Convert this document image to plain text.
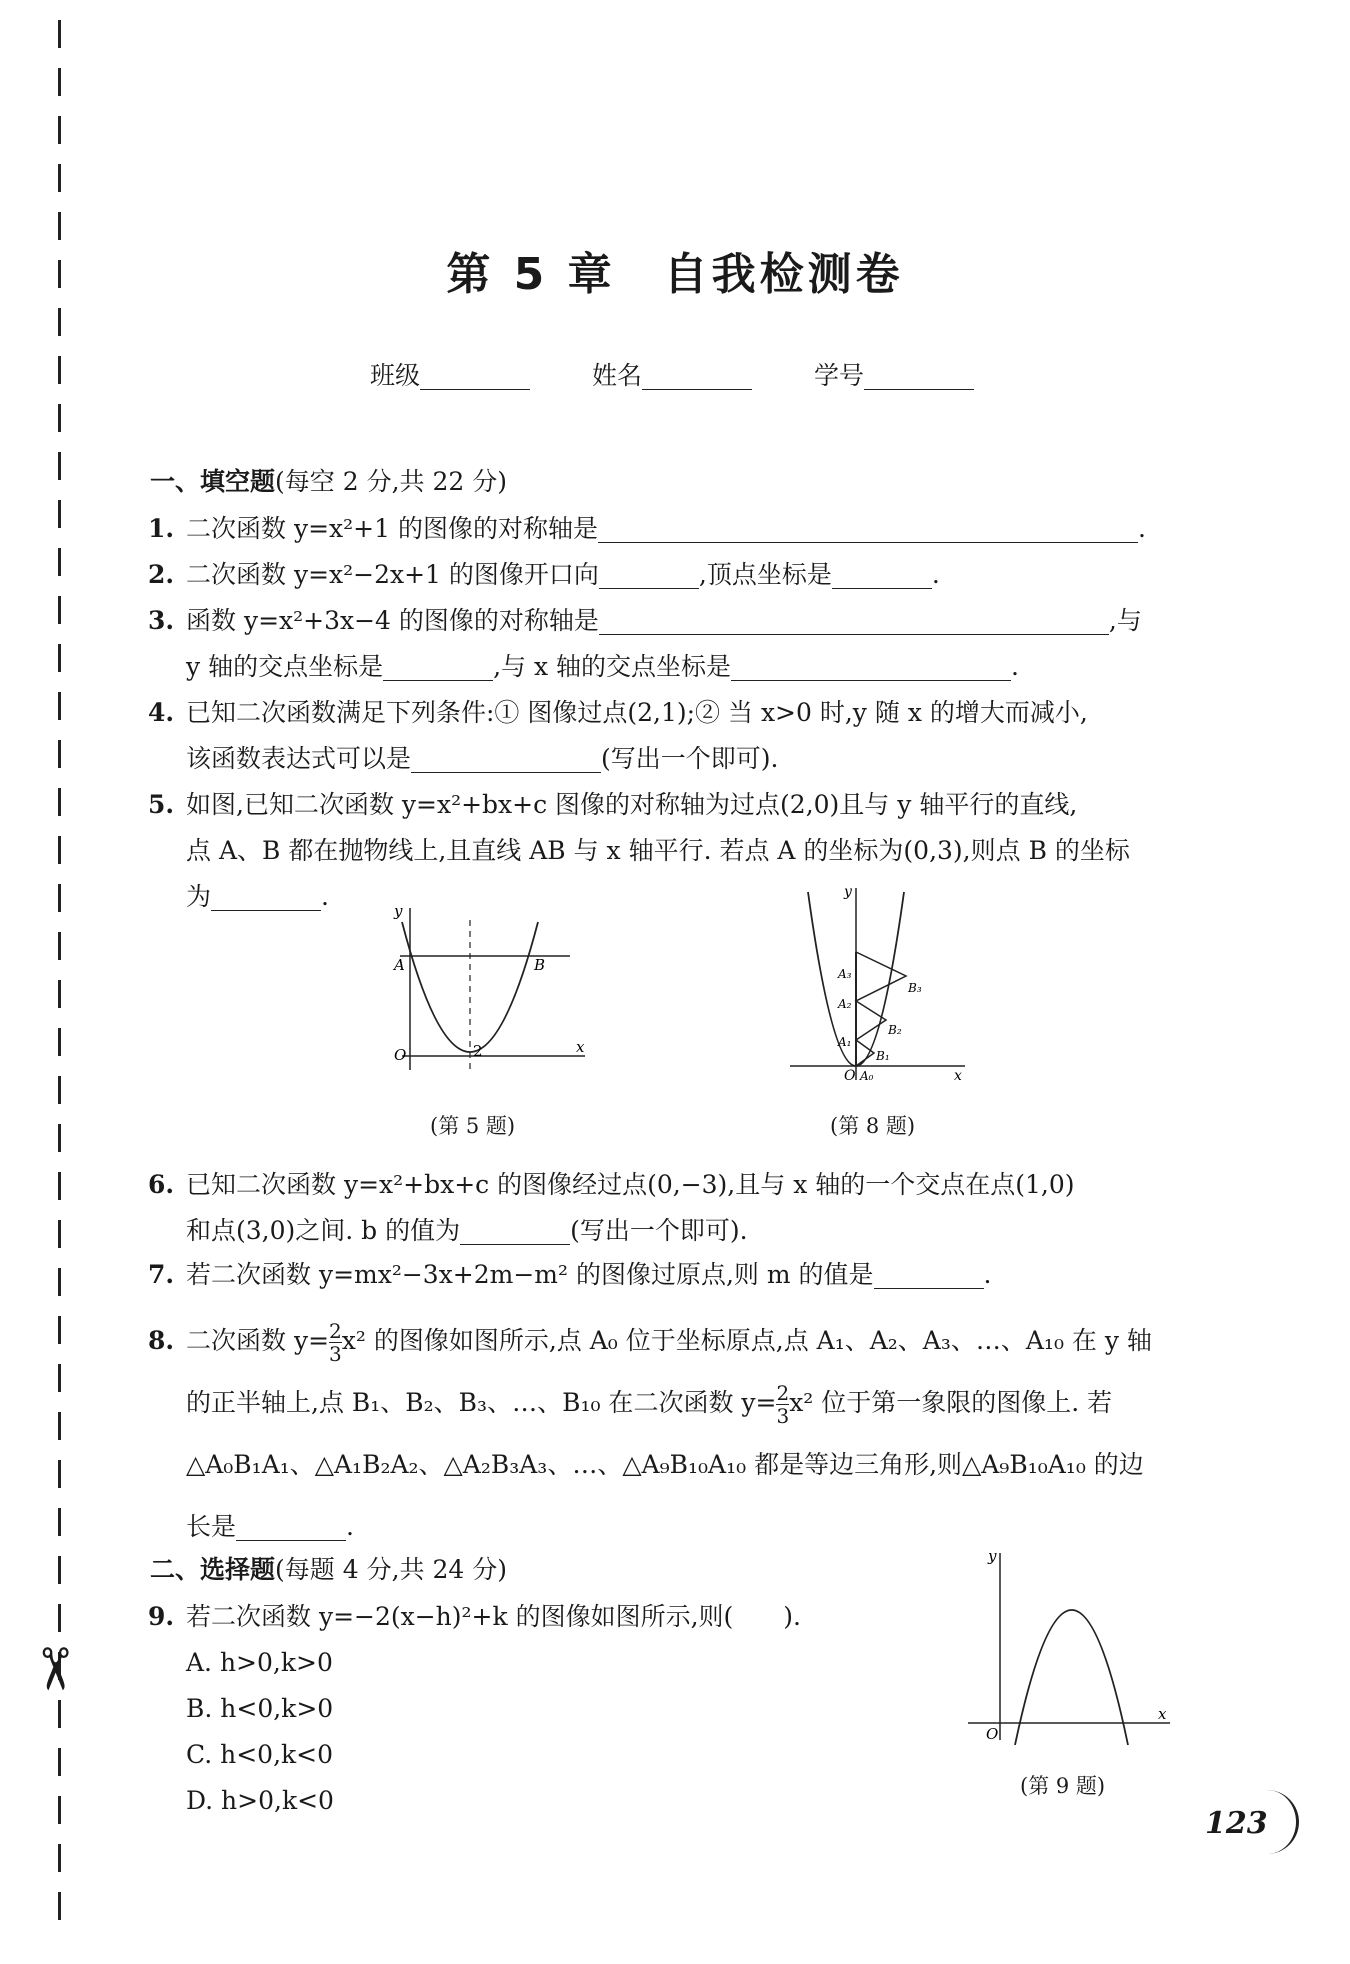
✂
第 5 章 自我检测卷
班级	姓名	学号
一、填空题(每空 2 分,共 22 分)
1. 二次函数 y=x²+1 的图像的对称轴是	.
2. 二次函数 y=x²−2x+1 的图像开口向	,顶点坐标是	.
3. 函数 y=x²+3x−4 的图像的对称轴是	,与
y 轴的交点坐标是	,与 x 轴的交点坐标是	.
4. 已知二次函数满足下列条件:① 图像过点(2,1);② 当 x>0 时,y 随 x 的增大而减小,
该函数表达式可以是	(写出一个即可).
5. 如图,已知二次函数 y=x²+bx+c 图像的对称轴为过点(2,0)且与 y 轴平行的直线,
点 A、B 都在抛物线上,且直线 AB 与 x 轴平行. 若点 A 的坐标为(0,3),则点 B 的坐标
为	.	y
x
O
A	B
2
(第 5 题)
y
x
O A₀
A₁
A₂
A₃
B₁
B₂
B₃
(第 8 题)
6. 已知二次函数 y=x²+bx+c 的图像经过点(0,−3),且与 x 轴的一个交点在点(1,0)
和点(3,0)之间. b 的值为	(写出一个即可).
7. 若二次函数 y=mx²−3x+2m−m² 的图像过原点,则 m 的值是	.
8. 二次函数 $y= \frac{2}{3} x^2$ 的图像如图所示,点 A₀ 位于坐标原点,点 A₁、A₂、A₃、…、A₁₀ 在 y 轴
的正半轴上,点 B₁、B₂、B₃、…、B₁₀ 在二次函数 $y= \frac{2}{3} x^2$ 位于第一象限的图像上. 若
△A₀B₁A₁、△A₁B₂A₂、△A₂B₃A₃、…、△A₉B₁₀A₁₀ 都是等边三角形,则△A₉B₁₀A₁₀ 的边
长是	.
二、选择题(每题 4 分,共 24 分)
9. 若二次函数 y=−2(x−h)²+k 的图像如图所示,则(　　).
A. h>0,k>0
B. h<0,k>0
C. h<0,k<0
D. h>0,k<0
y
x
O
(第 9 题)
123
